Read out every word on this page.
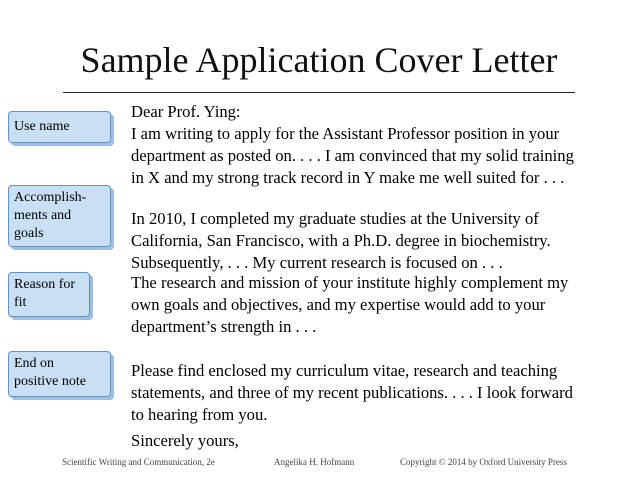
Sample Application Cover Letter
Use name
Accomplish-
ments and
goals
Reason for
fit
End on
positive note

Dear Prof. Ying:

I am writing to apply for the Assistant Professor position in your
department as posted on. . . . I am convinced that my solid training
in X and my strong track record in Y make me well suited for . . .

In 2010, I completed my graduate studies at the University of
California, San Francisco, with a Ph.D. degree in biochemistry.
Subsequently, . . . My current research is focused on . . .

The research and mission of your institute highly complement my
own goals and objectives, and my expertise would add to your
department’s strength in . . .

Please find enclosed my curriculum vitae, research and teaching
statements, and three of my recent publications. . . . I look forward
to hearing from you.

Sincerely yours,

Scientific Writing and Communication, 2e	Angelika H. Hofmann	Copyright © 2014 by Oxford University Press
